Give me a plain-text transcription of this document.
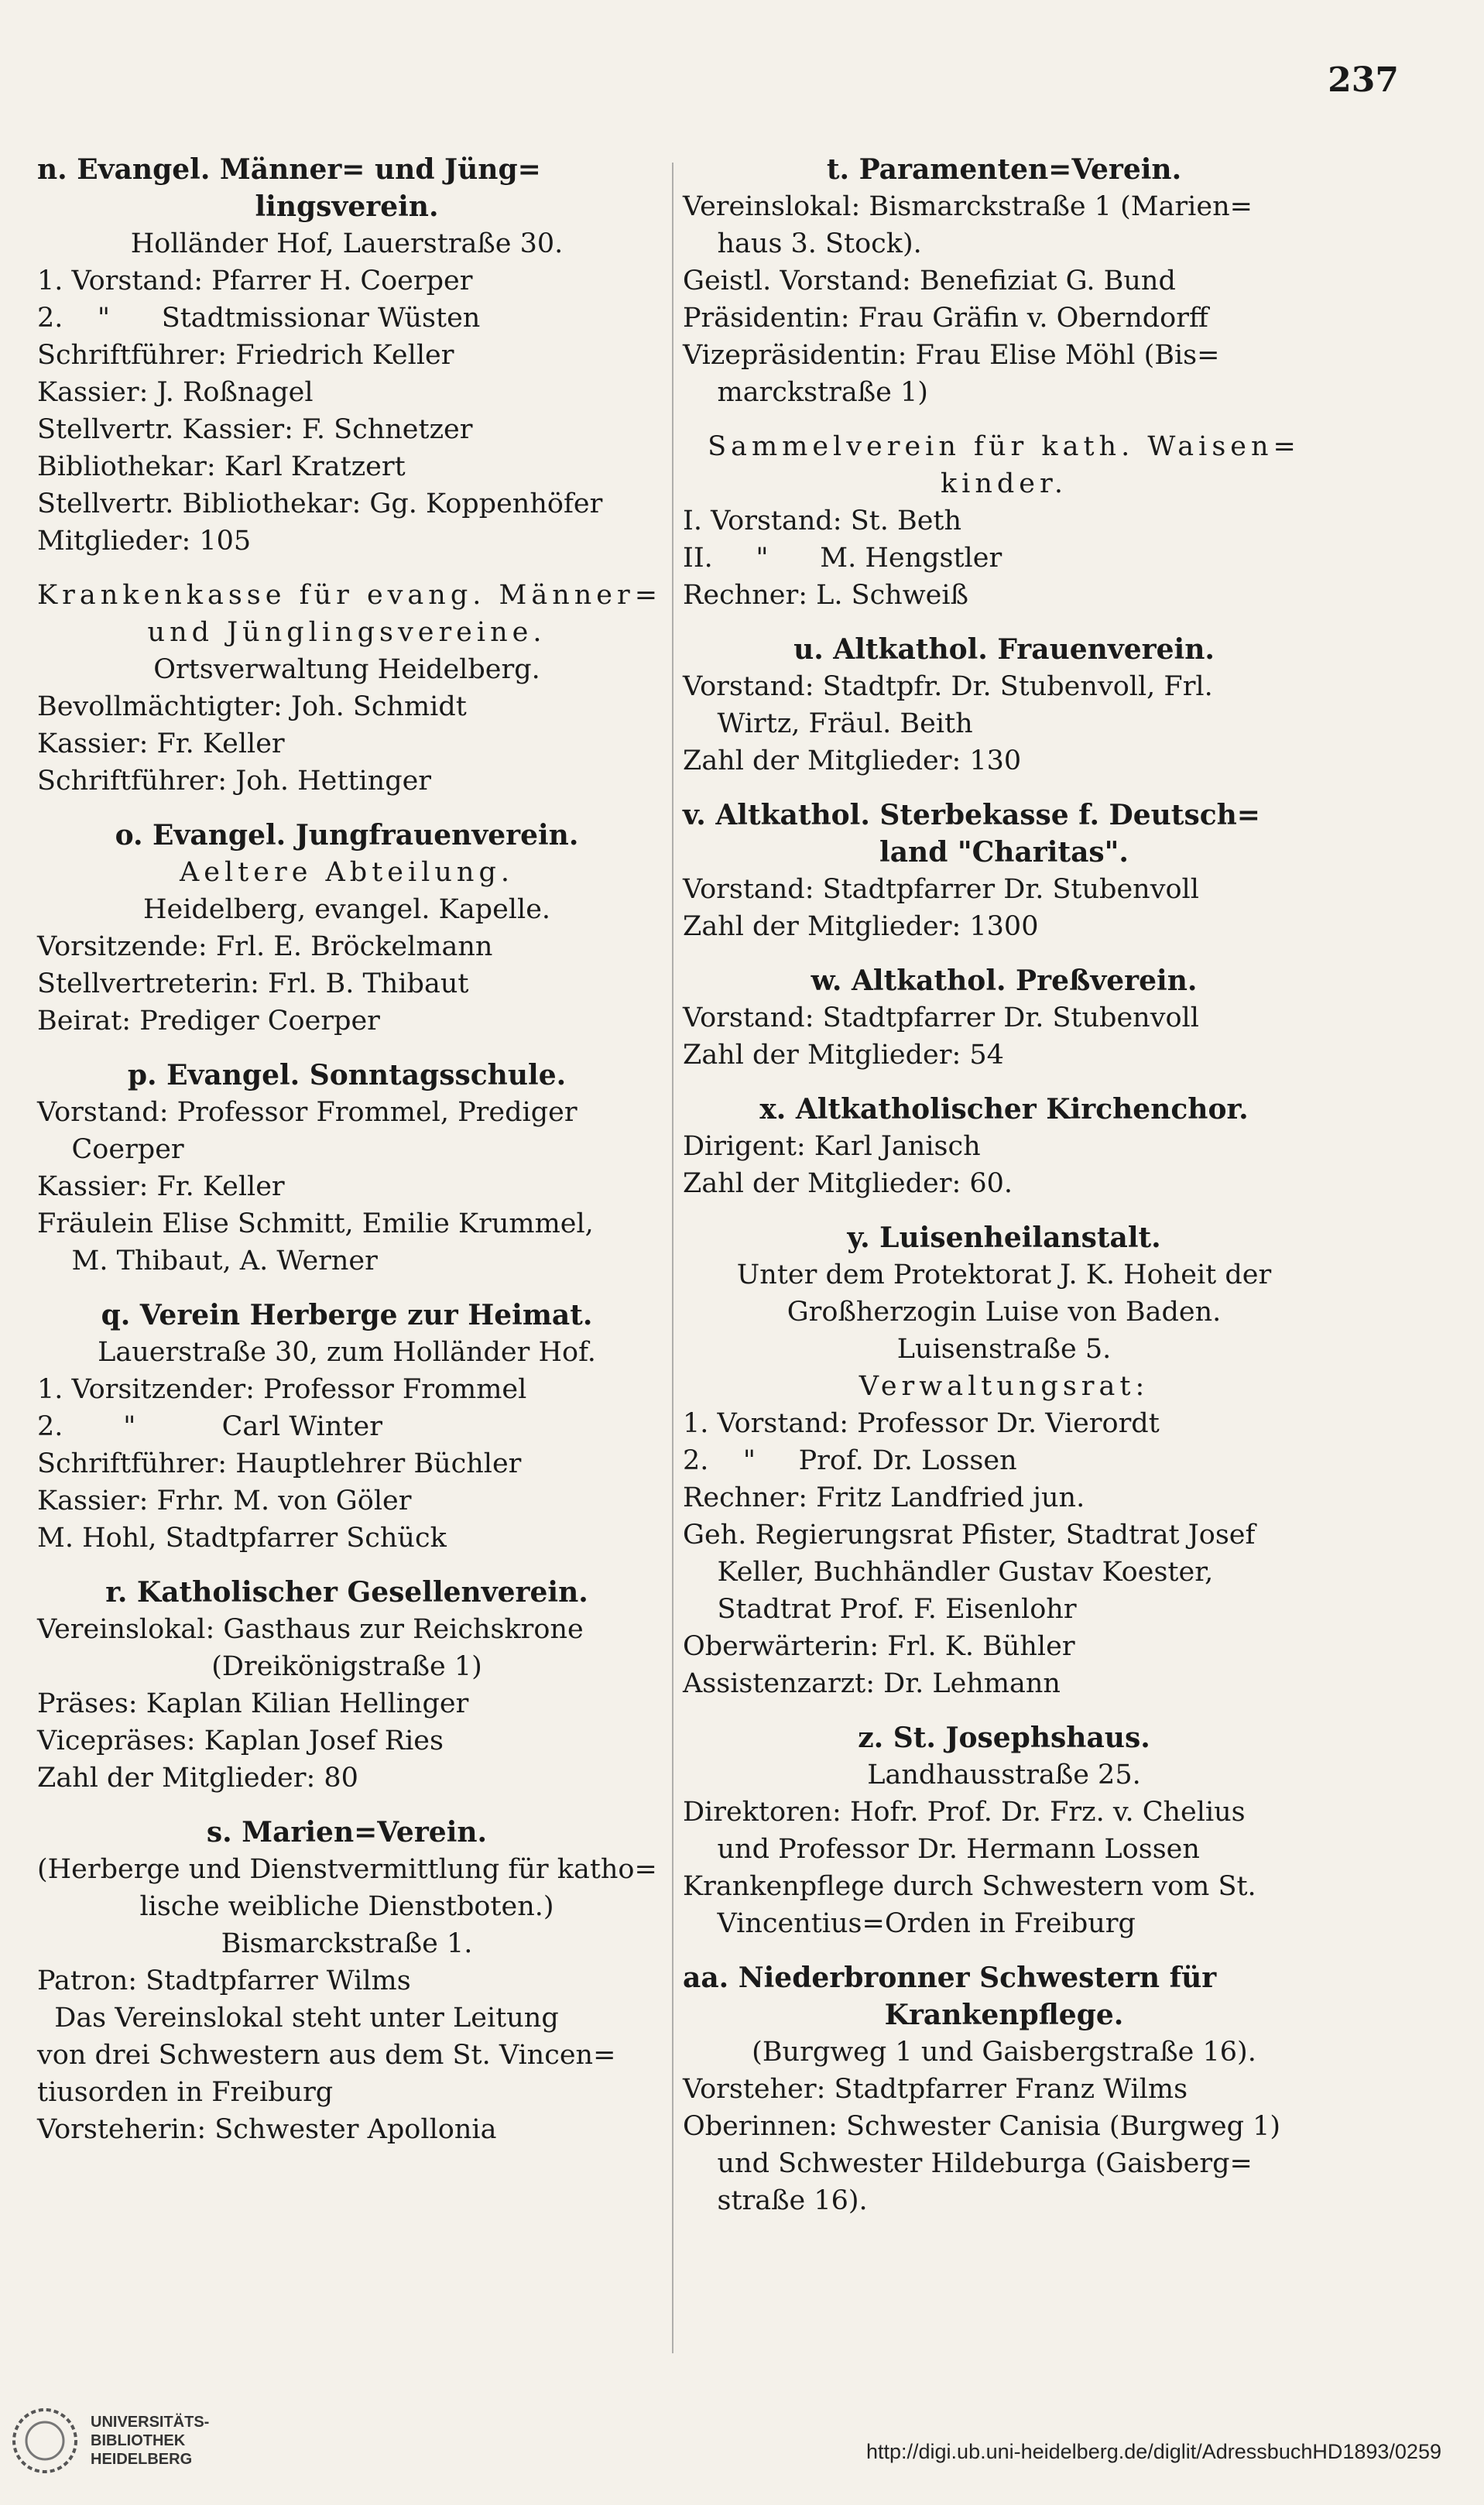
237
n. Evangel. Männer= und Jüng=
lingsverein.
Holländer Hof, Lauerstraße 30.
1. Vorstand: Pfarrer H. Coerper
2.    "      Stadtmissionar Wüsten
Schriftführer: Friedrich Keller
Kassier: J. Roßnagel
Stellvertr. Kassier: F. Schnetzer
Bibliothekar: Karl Kratzert
Stellvertr. Bibliothekar: Gg. Koppenhöfer
Mitglieder: 105
Krankenkasse für evang. Männer=
und Jünglingsvereine.
Ortsverwaltung Heidelberg.
Bevollmächtigter: Joh. Schmidt
Kassier: Fr. Keller
Schriftführer: Joh. Hettinger
o. Evangel. Jungfrauenverein.
Aeltere Abteilung.
Heidelberg, evangel. Kapelle.
Vorsitzende: Frl. E. Bröckelmann
Stellvertreterin: Frl. B. Thibaut
Beirat: Prediger Coerper
p. Evangel. Sonntagsschule.
Vorstand: Professor Frommel, Prediger
Coerper
Kassier: Fr. Keller
Fräulein Elise Schmitt, Emilie Krummel,
M. Thibaut, A. Werner
q. Verein Herberge zur Heimat.
Lauerstraße 30, zum Holländer Hof.
1. Vorsitzender: Professor Frommel
2.       "          Carl Winter
Schriftführer: Hauptlehrer Büchler
Kassier: Frhr. M. von Göler
M. Hohl, Stadtpfarrer Schück
r. Katholischer Gesellenverein.
Vereinslokal: Gasthaus zur Reichskrone
(Dreikönigstraße 1)
Präses: Kaplan Kilian Hellinger
Vicepräses: Kaplan Josef Ries
Zahl der Mitglieder: 80
s. Marien=Verein.
(Herberge und Dienstvermittlung für katho=
lische weibliche Dienstboten.)
Bismarckstraße 1.
Patron: Stadtpfarrer Wilms
Das Vereinslokal steht unter Leitung
von drei Schwestern aus dem St. Vincen=
tiusorden in Freiburg
Vorsteherin: Schwester Apollonia
t. Paramenten=Verein.
Vereinslokal: Bismarckstraße 1 (Marien=
haus 3. Stock).
Geistl. Vorstand: Benefiziat G. Bund
Präsidentin: Frau Gräfin v. Oberndorff
Vizepräsidentin: Frau Elise Möhl (Bis=
marckstraße 1)
Sammelverein für kath. Waisen=
kinder.
I. Vorstand: St. Beth
II.     "      M. Hengstler
Rechner: L. Schweiß
u. Altkathol. Frauenverein.
Vorstand: Stadtpfr. Dr. Stubenvoll, Frl.
Wirtz, Fräul. Beith
Zahl der Mitglieder: 130
v. Altkathol. Sterbekasse f. Deutsch=
land "Charitas".
Vorstand: Stadtpfarrer Dr. Stubenvoll
Zahl der Mitglieder: 1300
w. Altkathol. Preßverein.
Vorstand: Stadtpfarrer Dr. Stubenvoll
Zahl der Mitglieder: 54
x. Altkatholischer Kirchenchor.
Dirigent: Karl Janisch
Zahl der Mitglieder: 60.
y. Luisenheilanstalt.
Unter dem Protektorat J. K. Hoheit der
Großherzogin Luise von Baden.
Luisenstraße 5.
Verwaltungsrat:
1. Vorstand: Professor Dr. Vierordt
2.    "     Prof. Dr. Lossen
Rechner: Fritz Landfried jun.
Geh. Regierungsrat Pfister, Stadtrat Josef
Keller, Buchhändler Gustav Koester,
Stadtrat Prof. F. Eisenlohr
Oberwärterin: Frl. K. Bühler
Assistenzarzt: Dr. Lehmann
z. St. Josephshaus.
Landhausstraße 25.
Direktoren: Hofr. Prof. Dr. Frz. v. Chelius
und Professor Dr. Hermann Lossen
Krankenpflege durch Schwestern vom St.
Vincentius=Orden in Freiburg
aa. Niederbronner Schwestern für
Krankenpflege.
(Burgweg 1 und Gaisbergstraße 16).
Vorsteher: Stadtpfarrer Franz Wilms
Oberinnen: Schwester Canisia (Burgweg 1)
und Schwester Hildeburga (Gaisberg=
straße 16).
UNIVERSITÄTS-
BIBLIOTHEK
HEIDELBERG	http://digi.ub.uni-heidelberg.de/diglit/AdressbuchHD1893/0259
